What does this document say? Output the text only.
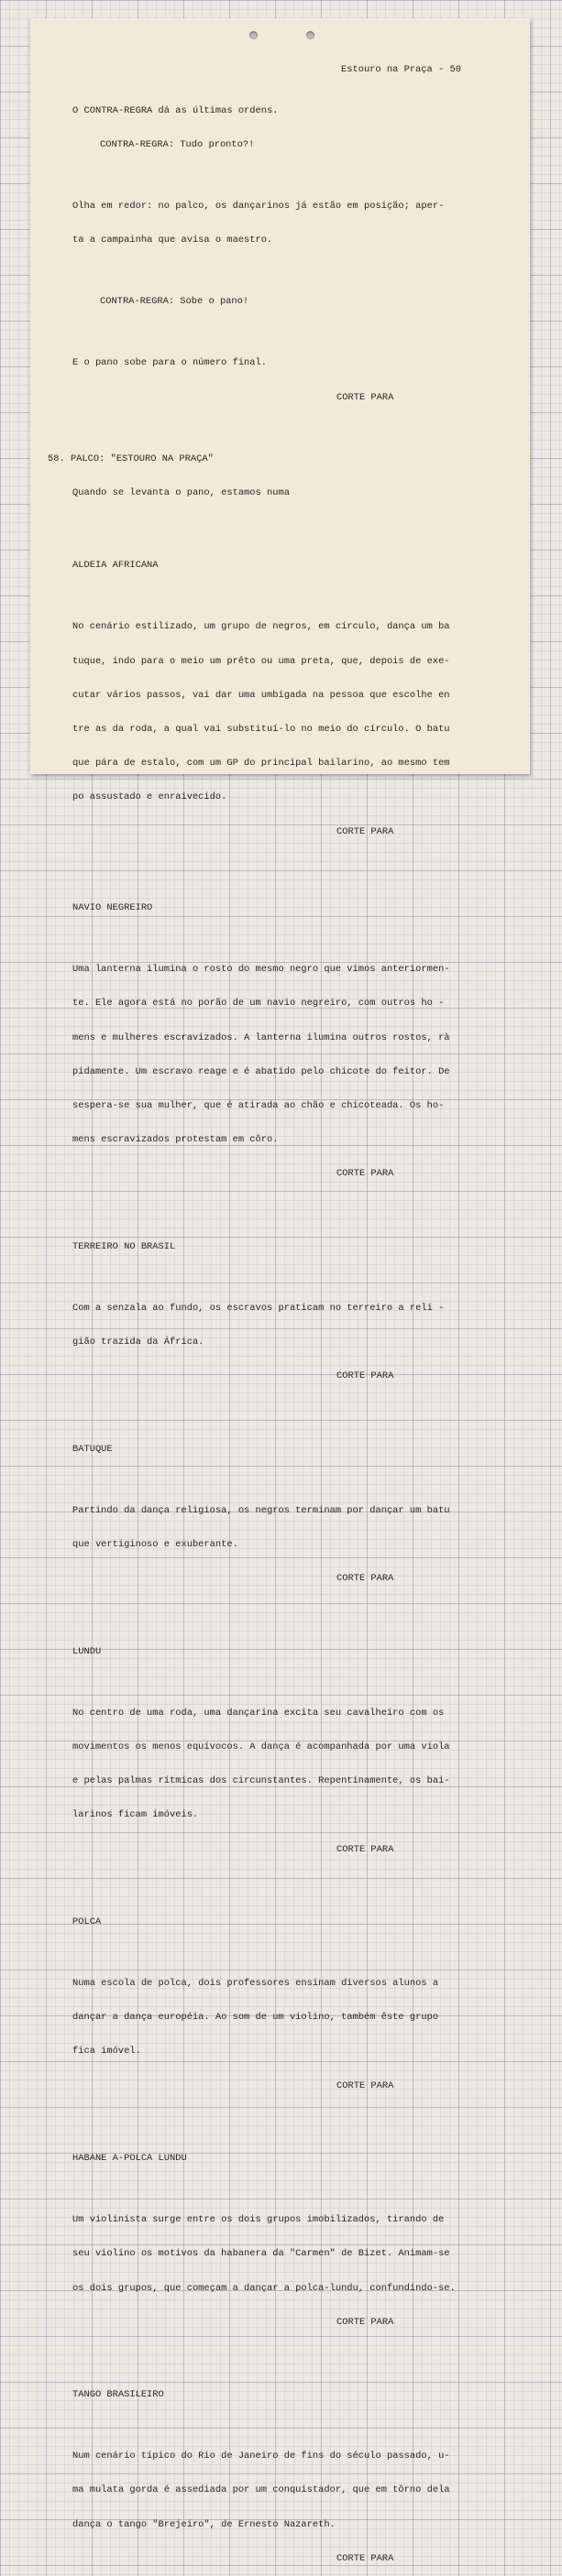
Estouro na Praça - 50

O CONTRA-REGRA dá as últimas ordens.

CONTRA-REGRA: Tudo pronto?!

Olha em redor: no palco, os dançarinos já estão em posição; aper-

ta a campainha que avisa o maestro.

CONTRA-REGRA: Sobe o pano!

E o pano sobe para o número final.

CORTE PARA

58. PALCO: "ESTOURO NA PRAÇA"

Quando se levanta o pano, estamos numa

ALDEIA AFRICANA

No cenário estilizado, um grupo de negros, em círculo, dança um ba

tuque, indo para o meio um prêto ou uma preta, que, depois de exe-

cutar vários passos, vai dar uma umbigada na pessoa que escolhe en

tre as da roda, a qual vai substituí-lo no meio do círculo. O batu

que pára de estalo, com um GP do principal bailarino, ao mesmo tem

po assustado e enraivecido.

CORTE PARA

NAVIO NEGREIRO

Uma lanterna ilumina o rosto do mesmo negro que vimos anteriormen-

te. Ele agora está no porão de um navio negreiro, com outros ho -

mens e mulheres escravizados. A lanterna ilumina outros rostos, rà

pidamente. Um escravo reage e é abatido pelo chicote do feitor. De

sespera-se sua mulher, que é atirada ao chão e chicoteada. Os ho-

mens escravizados protestam em côro.

CORTE PARA

TERREIRO NO BRASIL

Com a senzala ao fundo, os escravos praticam no terreiro a reli -

gião trazida da África.

CORTE PARA

BATUQUE

Partindo da dança religiosa, os negros terminam por dançar um batu

que vertiginoso e exuberante.

CORTE PARA

LUNDU

No centro de uma roda, uma dançarina excita seu cavalheiro com os

movimentos os menos equívocos. A dança é acompanhada por uma viola

e pelas palmas rítmicas dos circunstantes. Repentinamente, os bai-

larinos ficam imóveis.

CORTE PARA

POLCA

Numa escola de polca, dois professores ensinam diversos alunos a

dançar a dança européia. Ao som de um violino, também êste grupo

fica imóvel.

CORTE PARA

HABANE A-POLCA LUNDU

Um violinista surge entre os dois grupos imobilizados, tirando de

seu violino os motivos da habanera da "Carmen" de Bizet. Animam-se

os dois grupos, que começam a dançar a polca-lundu, confundindo-se.

CORTE PARA

TANGO BRASILEIRO

Num cenário típico do Rio de Janeiro de fins do século passado, u-

ma mulata gorda é assediada por um conquistador, que em tôrno dela

dança o tango "Brejeiro", de Ernesto Nazareth.

CORTE PARA
